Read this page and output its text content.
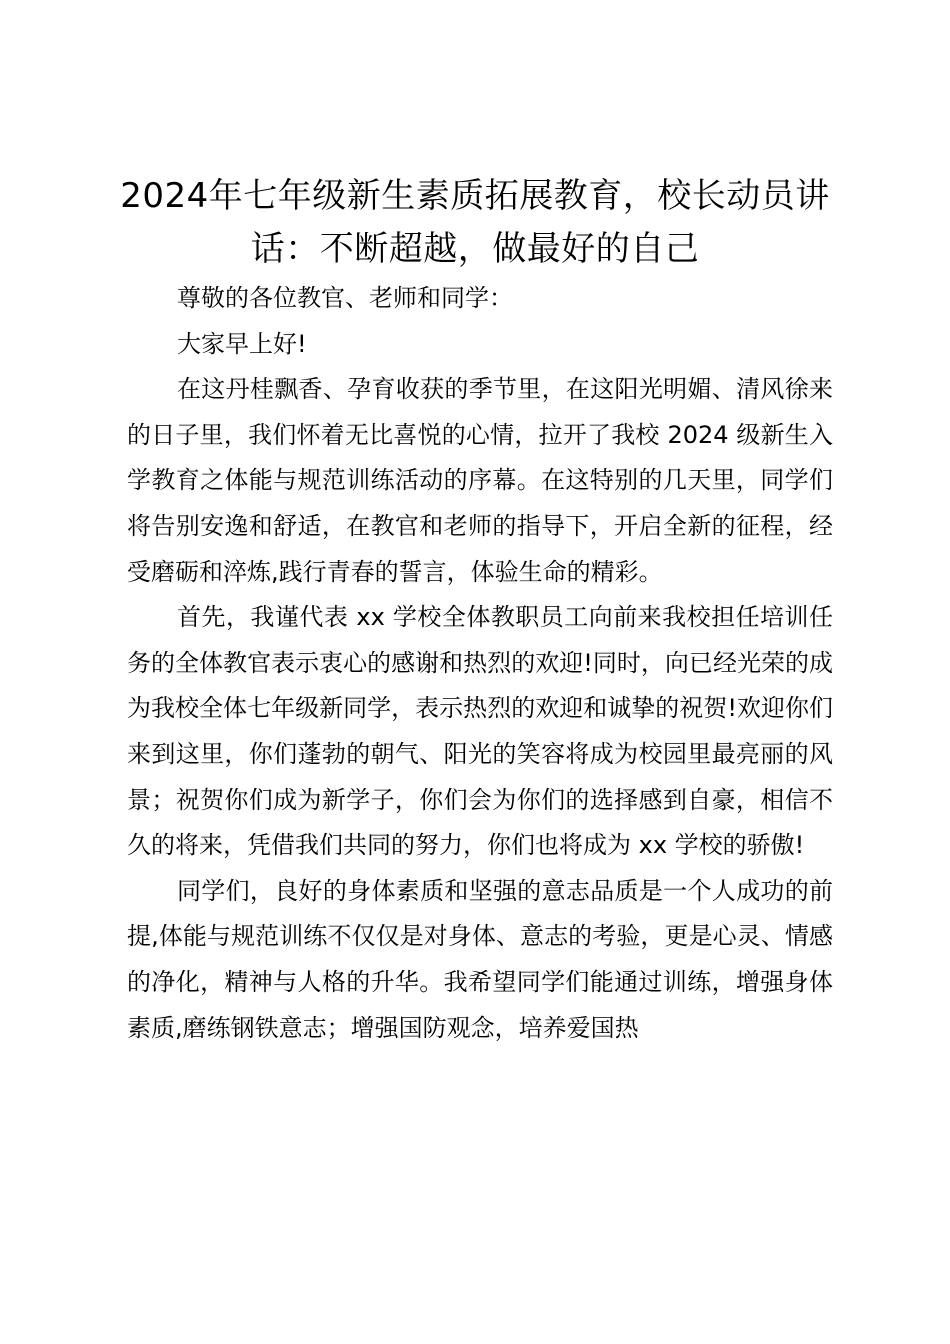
2024年七年级新生素质拓展教育，校长动员讲话：不断超越，做最好的自己

尊敬的各位教官、老师和同学：

大家早上好!

在这丹桂飘香、孕育收获的季节里，在这阳光明媚、清风徐来的日子里，我们怀着无比喜悦的心情，拉开了我校 2024 级新生入学教育之体能与规范训练活动的序幕。在这特别的几天里，同学们将告别安逸和舒适，在教官和老师的指导下，开启全新的征程，经受磨砺和淬炼,践行青春的誓言，体验生命的精彩。

首先，我谨代表 xx 学校全体教职员工向前来我校担任培训任务的全体教官表示衷心的感谢和热烈的欢迎!同时，向已经光荣的成为我校全体七年级新同学，表示热烈的欢迎和诚挚的祝贺!欢迎你们来到这里，你们蓬勃的朝气、阳光的笑容将成为校园里最亮丽的风景；祝贺你们成为新学子，你们会为你们的选择感到自豪，相信不久的将来，凭借我们共同的努力，你们也将成为 xx 学校的骄傲!

同学们，良好的身体素质和坚强的意志品质是一个人成功的前提,体能与规范训练不仅仅是对身体、意志的考验，更是心灵、情感的净化，精神与人格的升华。我希望同学们能通过训练，增强身体素质,磨练钢铁意志；增强国防观念，培养爱国热
